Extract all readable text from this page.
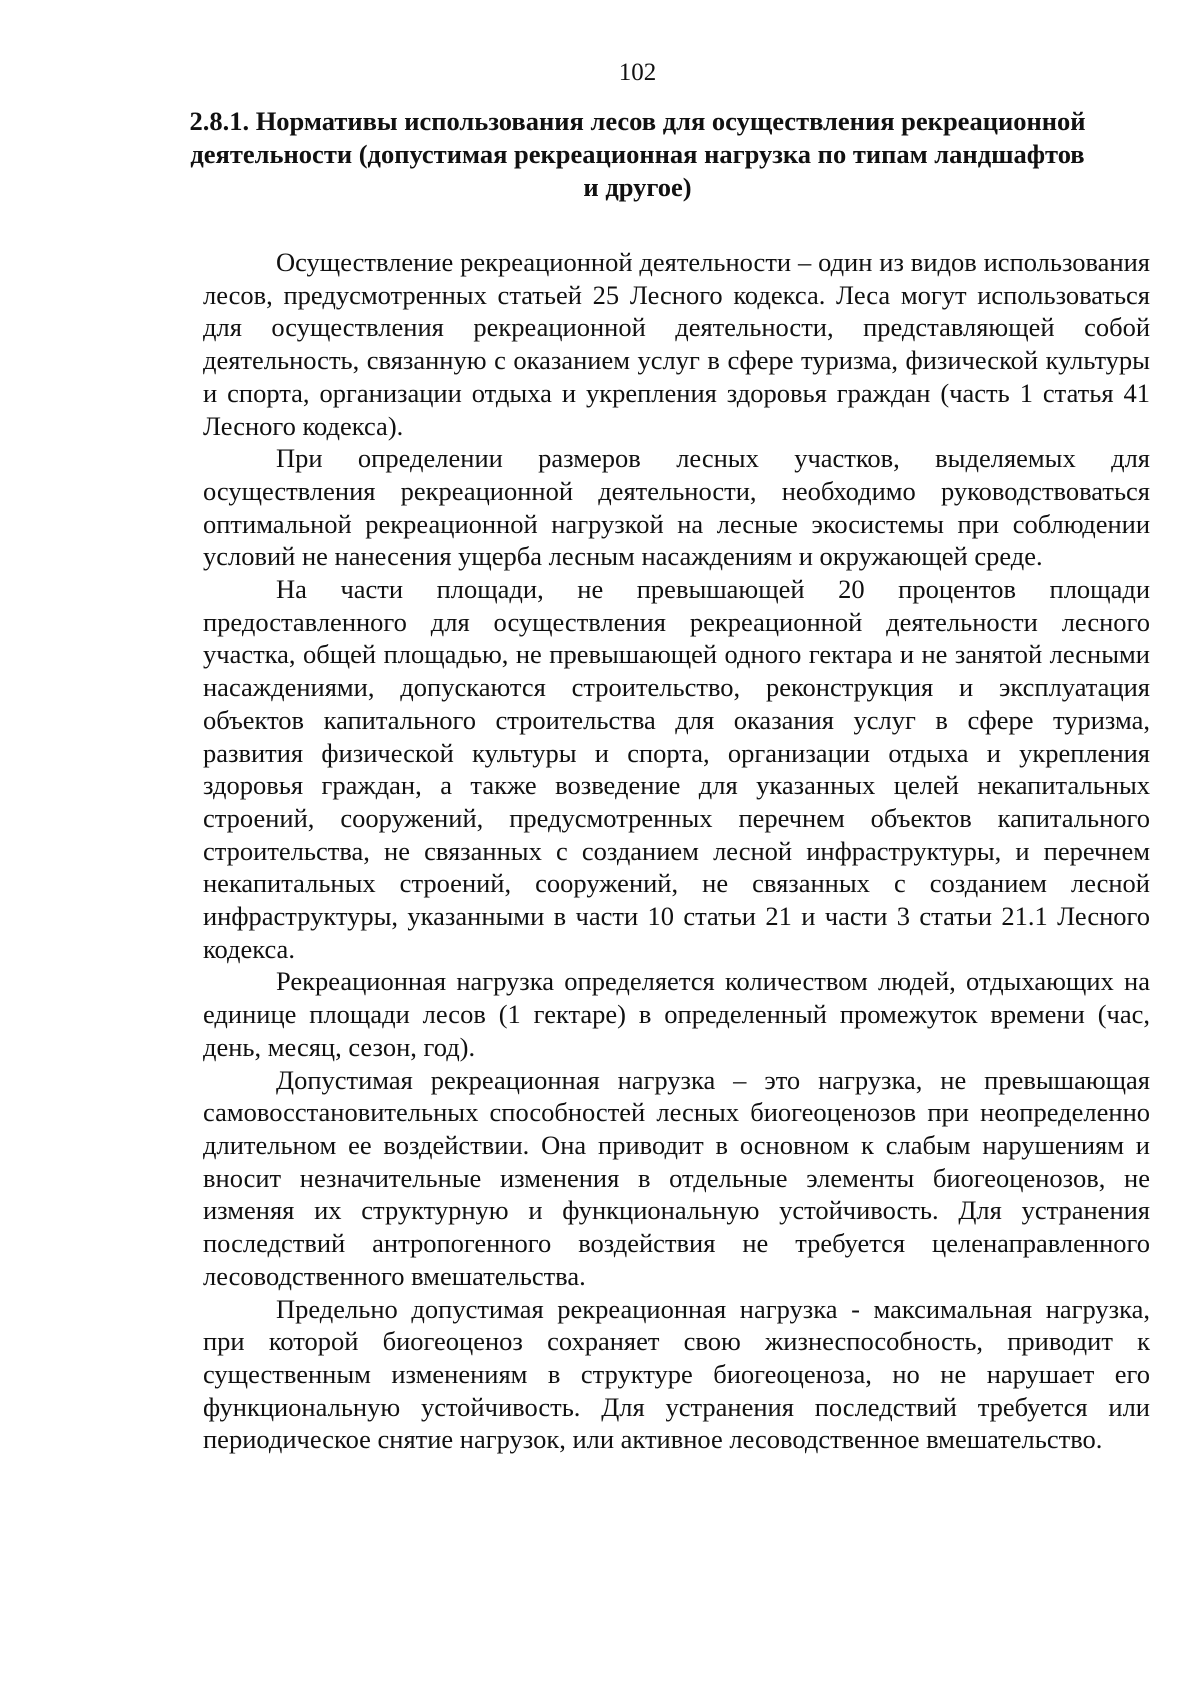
102
2.8.1. Нормативы использования лесов для осуществления рекреационной деятельности (допустимая рекреационная нагрузка по типам ландшафтов и другое)

Осуществление рекреационной деятельности – один из видов использования лесов, предусмотренных статьей 25 Лесного кодекса. Леса могут использоваться для осуществления рекреационной деятельности, представляющей собой деятельность, связанную с оказанием услуг в сфере туризма, физической культуры и спорта, организации отдыха и укрепления здоровья граждан (часть 1 статья 41 Лесного кодекса).

При определении размеров лесных участков, выделяемых для осуществления рекреационной деятельности, необходимо руководствоваться оптимальной рекреационной нагрузкой на лесные экосистемы при соблюдении условий не нанесения ущерба лесным насаждениям и окружающей среде.

На части площади, не превышающей 20 процентов площади предоставленного для осуществления рекреационной деятельности лесного участка, общей площадью, не превышающей одного гектара и не занятой лесными насаждениями, допускаются строительство, реконструкция и эксплуатация объектов капитального строительства для оказания услуг в сфере туризма, развития физической культуры и спорта, организации отдыха и укрепления здоровья граждан, а также возведение для указанных целей некапитальных строений, сооружений, предусмотренных перечнем объектов капитального строительства, не связанных с созданием лесной инфраструктуры, и перечнем некапитальных строений, сооружений, не связанных с созданием лесной инфраструктуры, указанными в части 10 статьи 21 и части 3 статьи 21.1 Лесного кодекса.

Рекреационная нагрузка определяется количеством людей, отдыхающих на единице площади лесов (1 гектаре) в определенный промежуток времени (час, день, месяц, сезон, год).

Допустимая рекреационная нагрузка – это нагрузка, не превышающая самовосстановительных способностей лесных биогеоценозов при неопределенно длительном ее воздействии. Она приводит в основном к слабым нарушениям и вносит незначительные изменения в отдельные элементы биогеоценозов, не изменяя их структурную и функциональную устойчивость. Для устранения последствий антропогенного воздействия не требуется целенаправленного лесоводственного вмешательства.

Предельно допустимая рекреационная нагрузка - максимальная нагрузка, при которой биогеоценоз сохраняет свою жизнеспособность, приводит к существенным изменениям в структуре биогеоценоза, но не нарушает его функциональную устойчивость. Для устранения последствий требуется или периодическое снятие нагрузок, или активное лесоводственное вмешательство.
